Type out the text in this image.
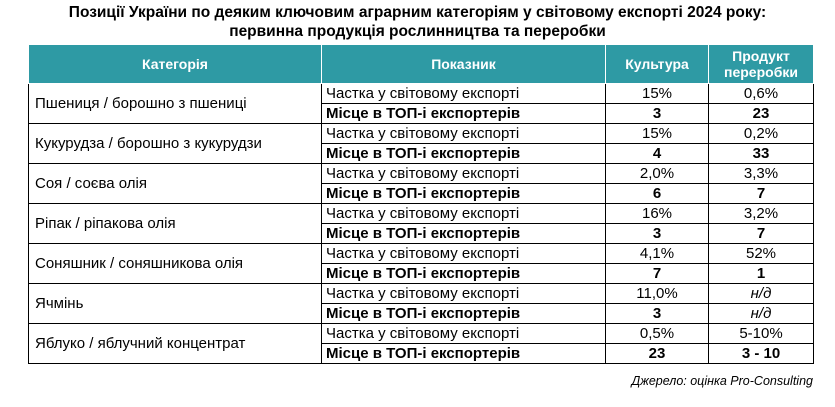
Позиції України по деяким ключовим аграрним категоріям у світовому експорті 2024 року:
первинна продукція рослинництва та переробки
Категорія	Показник	Культура	Продукт
переробки

Пшениця / борошно з пшениці	Частка у світовому експорті	15%	0,6%
	Місце в ТОП-і експортерів	3	23
Кукурудза / борошно з кукурудзи	Частка у світовому експорті	15%	0,2%
	Місце в ТОП-і експортерів	4	33
Соя / соєва олія	Частка у світовому експорті	2,0%	3,3%
	Місце в ТОП-і експортерів	6	7
Ріпак / ріпакова олія	Частка у світовому експорті	16%	3,2%
	Місце в ТОП-і експортерів	3	7
Соняшник / соняшникова олія	Частка у світовому експорті	4,1%	52%
	Місце в ТОП-і експортерів	7	1
Ячмінь	Частка у світовому експорті	11,0%	н/д
	Місце в ТОП-і експортерів	3	н/д
Яблуко / яблучний концентрат	Частка у світовому експорті	0,5%	5-10%
	Місце в ТОП-і експортерів	23	3 - 10
Джерело: оцінка Pro-Consulting
